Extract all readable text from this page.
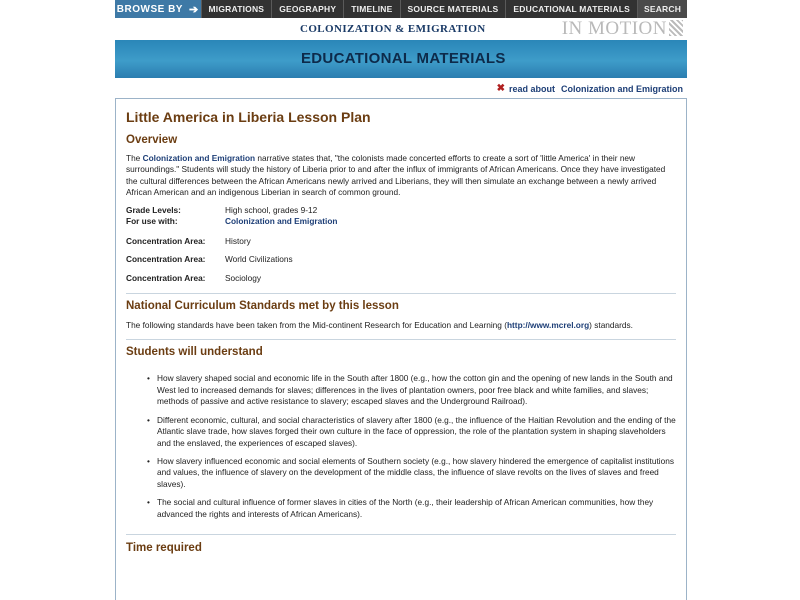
BROWSE BY ➔	MIGRATIONS	GEOGRAPHY	TIMELINE	SOURCE MATERIALS	EDUCATIONAL MATERIALS	SEARCH
COLONIZATION & EMIGRATION	IN MOTION
EDUCATIONAL MATERIALS
✖ read about Colonization and Emigration
Little America in Liberia Lesson Plan
Overview

The Colonization and Emigration narrative states that, "the colonists made concerted efforts to create a sort of 'little America' in their new surroundings." Students will study the history of Liberia prior to and after the influx of immigrants of African Americans. Once they have investigated the cultural differences between the African Americans newly arrived and Liberians, they will then simulate an exchange between a newly arrived African American and an indigenous Liberian in search of common ground.

Grade Levels:	High school, grades 9-12
For use with:	Colonization and Emigration
Concentration Area:	History
Concentration Area:	World Civilizations
Concentration Area:	Sociology
National Curriculum Standards met by this lesson

The following standards have been taken from the Mid-continent Research for Education and Learning (http://www.mcrel.org) standards.

Students will understand
• How slavery shaped social and economic life in the South after 1800 (e.g., how the cotton gin and the opening of new lands in the South and West led to increased demands for slaves; differences in the lives of plantation owners, poor free black and white families, and slaves; methods of passive and active resistance to slavery; escaped slaves and the Underground Railroad).
• Different economic, cultural, and social characteristics of slavery after 1800 (e.g., the influence of the Haitian Revolution and the ending of the Atlantic slave trade, how slaves forged their own culture in the face of oppression, the role of the plantation system in shaping slaveholders and the enslaved, the experiences of escaped slaves).
• How slavery influenced economic and social elements of Southern society (e.g., how slavery hindered the emergence of capitalist institutions and values, the influence of slavery on the development of the middle class, the influence of slave revolts on the lives of slaves and freed slaves).
• The social and cultural influence of former slaves in cities of the North (e.g., their leadership of African American communities, how they advanced the rights and interests of African Americans).
Time required
